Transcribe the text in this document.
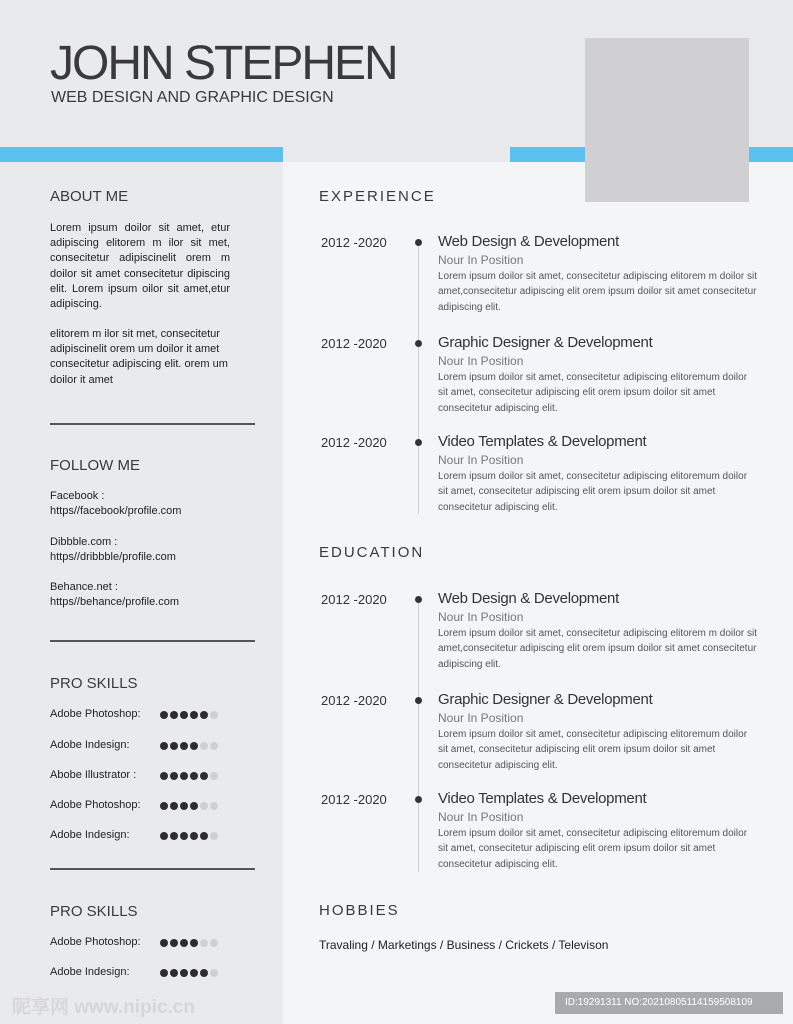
JOHN STEPHEN
WEB DESIGN AND GRAPHIC DESIGN
ABOUT ME
Lorem ipsum doilor sit amet, etur adipiscing elitorem m ilor sit met, consecitetur adipiscinelit orem m doilor sit amet consecitetur dipiscing elit. Lorem ipsum oilor sit amet,etur adipiscing.
elitorem m ilor sit met, consecitetur adipiscinelit orem um doilor it amet consecitetur adipiscing elit. orem um doilor it amet
FOLLOW ME
Facebook :
https//facebook/profile.com
Dibbble.com :
https//dribbble/profile.com
Behance.net :
https//behance/profile.com
PRO SKILLS
Adobe Photoshop:
Adobe Indesign:
Abobe Illustrator :
Adobe Photoshop:
Adobe Indesign:
PRO SKILLS
Adobe Photoshop:
Adobe Indesign:
EXPERIENCE
2012 -2020	Web Design & Development
Nour In Position
Lorem ipsum doilor sit amet, consecitetur adipiscing elitorem m doilor sit amet,consecitetur adipiscing elit orem ipsum doilor sit amet consecitetur adipiscing elit.
2012 -2020	Graphic Designer & Development
Nour In Position
Lorem ipsum doilor sit amet, consecitetur adipiscing elitoremum doilor sit amet, consecitetur adipiscing elit orem ipsum doilor sit amet consecitetur adipiscing elit.
2012 -2020	Video Templates & Development
Nour In Position
Lorem ipsum doilor sit amet, consecitetur adipiscing elitoremum doilor sit amet, consecitetur adipiscing elit orem ipsum doilor sit amet consecitetur adipiscing elit.
EDUCATION
2012 -2020	Web Design & Development
Nour In Position
Lorem ipsum doilor sit amet, consecitetur adipiscing elitorem m doilor sit amet,consecitetur adipiscing elit orem ipsum doilor sit amet consecitetur adipiscing elit.
2012 -2020	Graphic Designer & Development
Nour In Position
Lorem ipsum doilor sit amet, consecitetur adipiscing elitoremum doilor sit amet, consecitetur adipiscing elit orem ipsum doilor sit amet consecitetur adipiscing elit.
2012 -2020	Video Templates & Development
Nour In Position
Lorem ipsum doilor sit amet, consecitetur adipiscing elitoremum doilor sit amet, consecitetur adipiscing elit orem ipsum doilor sit amet consecitetur adipiscing elit.
HOBBIES
Travaling / Marketings / Business / Crickets / Televison
昵享网 www.nipic.cn	ID:19291311 NO:20210805114159508109
